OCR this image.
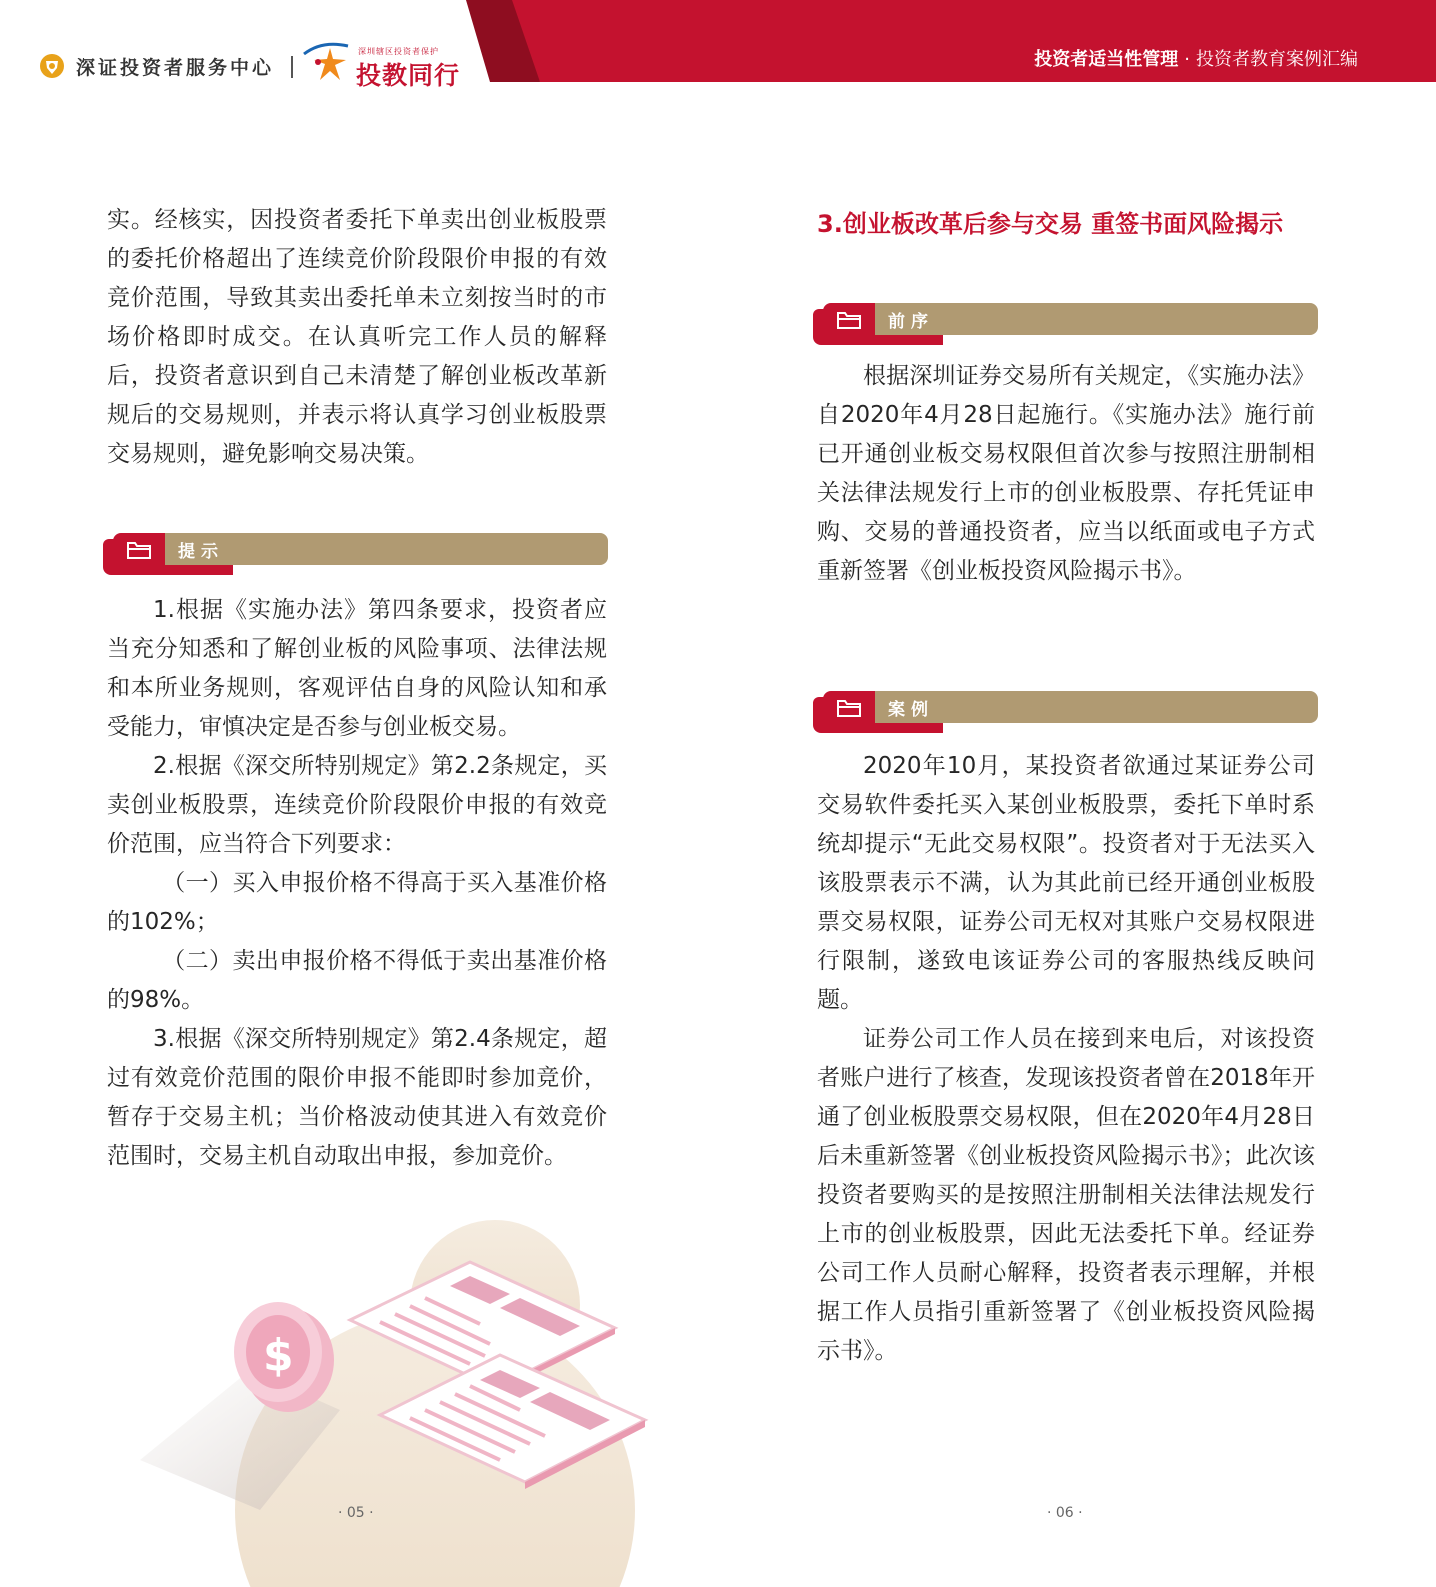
深证投资者服务中心
深圳辖区投资者保护
投教同行
投资者适当性管理 · 投资者教育案例汇编

实。经核实，因投资者委托下单卖出创业板股票的委托价格超出了连续竞价阶段限价申报的有效竞价范围，导致其卖出委托单未立刻按当时的市场价格即时成交。在认真听完工作人员的解释后，投资者意识到自己未清楚了解创业板改革新规后的交易规则，并表示将认真学习创业板股票交易规则，避免影响交易决策。

提示

1.根据《实施办法》第四条要求，投资者应当充分知悉和了解创业板的风险事项、法律法规和本所业务规则，客观评估自身的风险认知和承受能力，审慎决定是否参与创业板交易。

2.根据《深交所特别规定》第2.2条规定，买卖创业板股票，连续竞价阶段限价申报的有效竞价范围，应当符合下列要求：

（一）买入申报价格不得高于买入基准价格的102%；

（二）卖出申报价格不得低于卖出基准价格的98%。

3.根据《深交所特别规定》第2.4条规定，超过有效竞价范围的限价申报不能即时参加竞价，暂存于交易主机；当价格波动使其进入有效竞价范围时，交易主机自动取出申报，参加竞价。

$
· 05 ·
3.创业板改革后参与交易 重签书面风险揭示
前序

根据深圳证券交易所有关规定，《实施办法》自2020年4月28日起施行。《实施办法》施行前已开通创业板交易权限但首次参与按照注册制相关法律法规发行上市的创业板股票、存托凭证申购、交易的普通投资者，应当以纸面或电子方式重新签署《创业板投资风险揭示书》。

案例

2020年10月，某投资者欲通过某证券公司交易软件委托买入某创业板股票，委托下单时系统却提示“无此交易权限”。投资者对于无法买入该股票表示不满，认为其此前已经开通创业板股票交易权限，证券公司无权对其账户交易权限进行限制，遂致电该证券公司的客服热线反映问题。

证券公司工作人员在接到来电后，对该投资者账户进行了核查，发现该投资者曾在2018年开通了创业板股票交易权限，但在2020年4月28日后未重新签署《创业板投资风险揭示书》；此次该投资者要购买的是按照注册制相关法律法规发行上市的创业板股票，因此无法委托下单。经证券公司工作人员耐心解释，投资者表示理解，并根据工作人员指引重新签署了《创业板投资风险揭示书》。

· 06 ·
